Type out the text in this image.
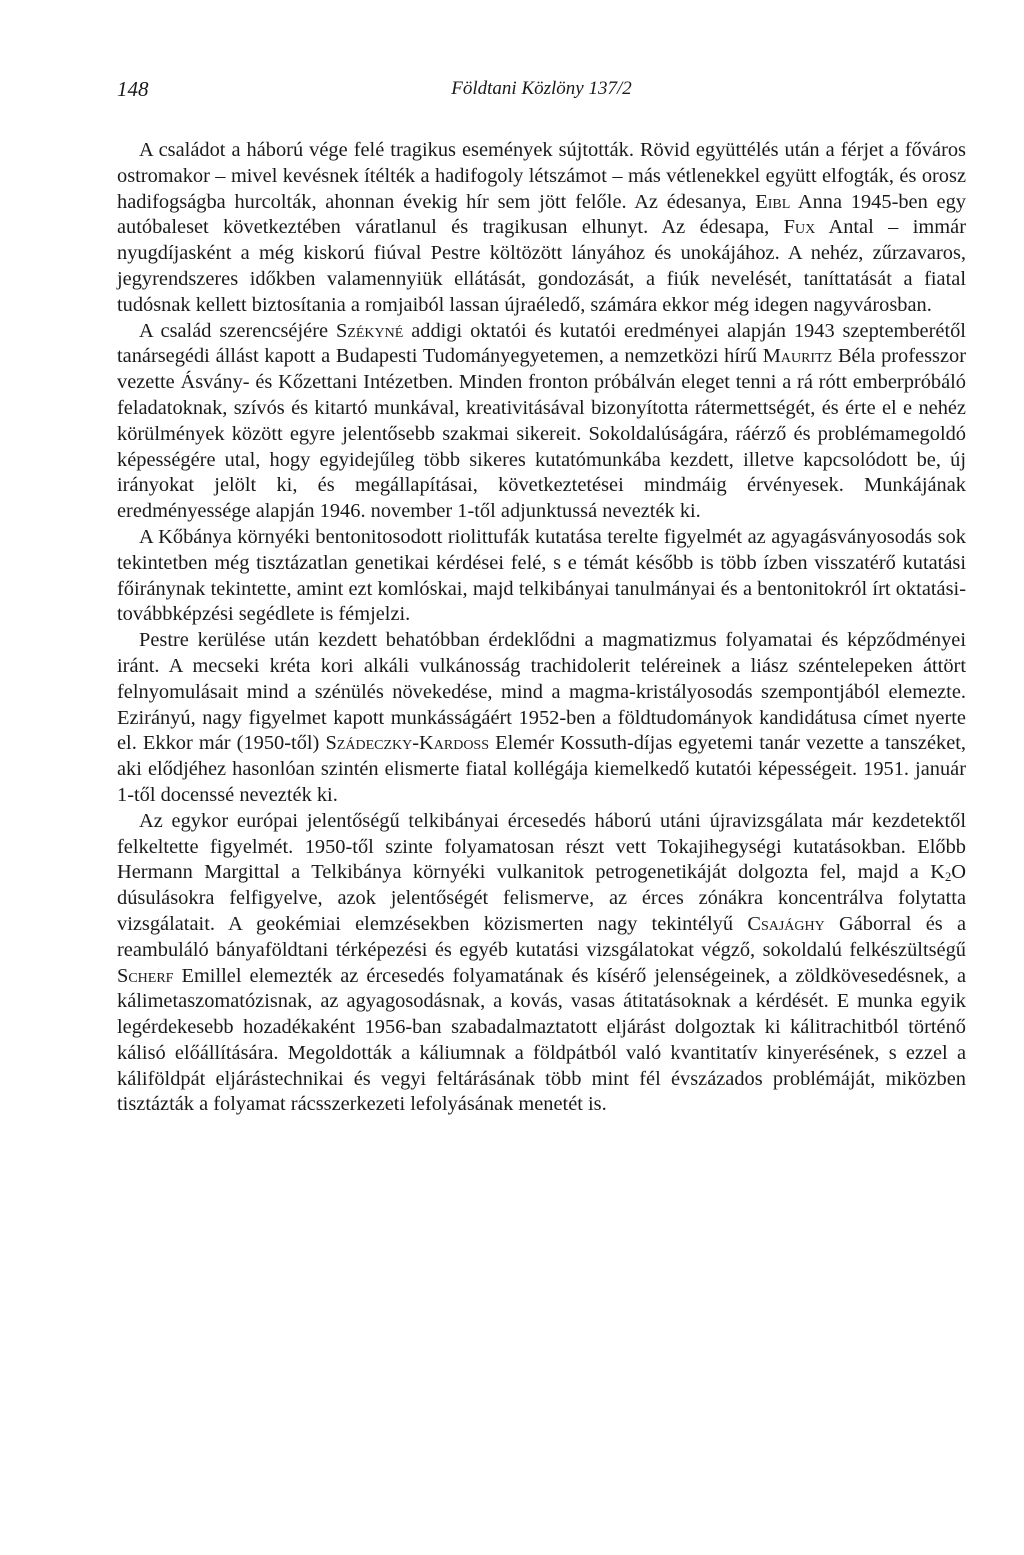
148	Földtani Közlöny 137/2

A családot a háború vége felé tragikus események sújtották. Rövid együttélés után a férjet a főváros ostromakor – mivel kevésnek ítélték a hadifogoly létszámot – más vétlenekkel együtt elfogták, és orosz hadifogságba hurcolták, ahonnan évekig hír sem jött felőle. Az édesanya, Eibl Anna 1945-ben egy autóbaleset következtében váratlanul és tragikusan elhunyt. Az édesapa, Fux Antal – immár nyugdíjasként a még kiskorú fiúval Pestre költözött lányához és unokájához. A nehéz, zűrzavaros, jegyrendszeres időkben valamennyiük ellátását, gondozását, a fiúk nevelését, taníttatását a fiatal tudósnak kellett biztosítania a romjaiból lassan újraéledő, számára ekkor még idegen nagyvárosban.

A család szerencséjére Székyné addigi oktatói és kutatói eredményei alapján 1943 szeptemberétől tanársegédi állást kapott a Budapesti Tudományegyetemen, a nemzetközi hírű Mauritz Béla professzor vezette Ásvány- és Kőzettani Intézetben. Minden fronton próbálván eleget tenni a rá rótt emberpróbáló feladatoknak, szívós és kitartó munkával, kreativitásával bizonyította rátermettségét, és érte el e nehéz körülmények között egyre jelentősebb szakmai sikereit. Sokoldalúságára, ráérző és problémamegoldó képességére utal, hogy egyidejűleg több sikeres kutatómunkába kezdett, illetve kapcsolódott be, új irányokat jelölt ki, és megállapításai, következtetései mindmáig érvényesek. Munkájának eredményessége alapján 1946. november 1-től adjunktussá nevezték ki.

A Kőbánya környéki bentonitosodott riolittufák kutatása terelte figyelmét az agyagásványosodás sok tekintetben még tisztázatlan genetikai kérdései felé, s e témát később is több ízben visszatérő kutatási főiránynak tekintette, amint ezt komlóskai, majd telkibányai tanulmányai és a bentonitokról írt oktatási-továbbképzési segédlete is fémjelzi.

Pestre kerülése után kezdett behatóbban érdeklődni a magmatizmus folyamatai és képződményei iránt. A mecseki kréta kori alkáli vulkánosság trachidolerit teléreinek a liász széntelepeken áttört felnyomulásait mind a szénülés növekedése, mind a magma-kristályosodás szempontjából elemezte. Ezirányú, nagy figyelmet kapott munkásságáért 1952-ben a földtudományok kandidátusa címet nyerte el. Ekkor már (1950-től) Szádeczky-Kardoss Elemér Kossuth-díjas egyetemi tanár vezette a tanszéket, aki elődjéhez hasonlóan szintén elismerte fiatal kollégája kiemelkedő kutatói képességeit. 1951. január 1-től docenssé nevezték ki.

Az egykor európai jelentőségű telkibányai ércesedés háború utáni újravizsgálata már kezdetektől felkeltette figyelmét. 1950-től szinte folyamatosan részt vett Tokajihegységi kutatásokban. Előbb Hermann Margittal a Telkibánya környéki vulkanitok petrogenetikáját dolgozta fel, majd a $K_2O$ dúsulásokra felfigyelve, azok jelentőségét felismerve, az érces zónákra koncentrálva folytatta vizsgálatait. A geokémiai elemzésekben közismerten nagy tekintélyű Csajághy Gáborral és a reambuláló bányaföldtani térképezési és egyéb kutatási vizsgálatokat végző, sokoldalú felkészültségű Scherf Emillel elemezték az ércesedés folyamatának és kísérő jelenségeinek, a zöldkövesedésnek, a kálimetaszomatózisnak, az agyagosodásnak, a kovás, vasas átitatásoknak a kérdését. E munka egyik legérdekesebb hozadékaként 1956-ban szabadalmaztatott eljárást dolgoztak ki kálitrachitból történő kálisó előállítására. Megoldották a káliumnak a földpátból való kvantitatív kinyerésének, s ezzel a káliföldpát eljárástechnikai és vegyi feltárásának több mint fél évszázados problémáját, miközben tisztázták a folyamat rácsszerkezeti lefolyásának menetét is.
